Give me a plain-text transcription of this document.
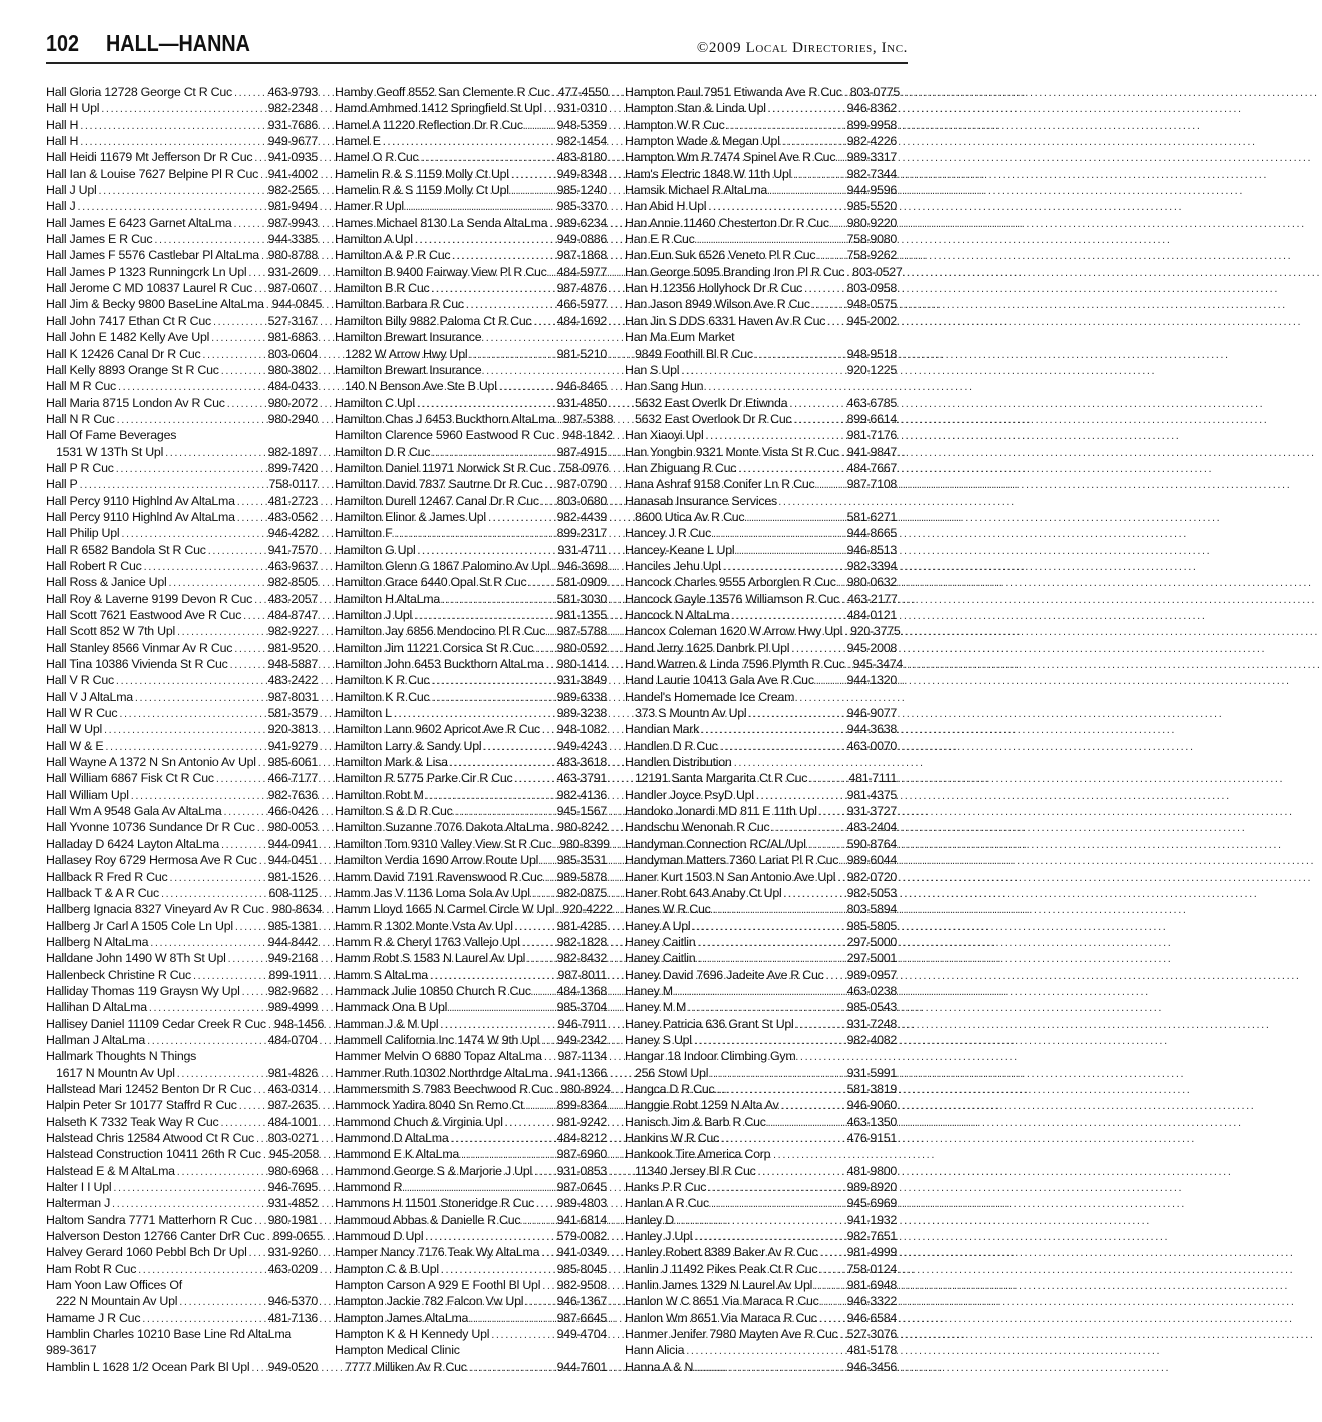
102 HALL—HANNA	©2009 Local Directories, Inc.
Hall Gloria 12728 George Ct R Cuc .....	463-9793
Hall H Upl .....	982-2348
Hall H .....	931-7686
Hall H .....	949-9677
Hall Heidi 11679 Mt Jefferson Dr R Cuc ..... 941-0935
Hall Ian & Louise 7627 Belpine Pl R Cuc ..... 941-4002
Hall J Upl .....	982-2565
Hall J .....	981-9494
Hall James E 6423 Garnet AltaLma .....	987-9943
Hall James E R Cuc .....	944-3385
Hall James F 5576 Castlebar Pl AltaLma ..... 980-8788
Hall James P 1323 Runningcrk Ln Upl ..... 931-2609
Hall Jerome C MD 10837 Laurel R Cuc ..... 987-0607
Hall Jim & Becky 9800 BaseLine AltaLma ..... 944-0845
Hall John 7417 Ethan Ct R Cuc .....	527-3167
Hall John E 1482 Kelly Ave Upl .....	981-6863
Hall K 12426 Canal Dr R Cuc .....	803-0604
Hall Kelly 8893 Orange St R Cuc .....	980-3802
Hall M R Cuc .....	484-0433
Hall Maria 8715 London Av R Cuc .....	980-2072
Hall N R Cuc .....	980-2940
Hall Of Fame Beverages
1531 W 13Th St Upl .....	982-1897
Hall P R Cuc .....	899-7420
Hall P .....	758-0117
Hall Percy 9110 Highlnd Av AltaLma .....	481-2723
Hall Percy 9110 Highlnd Av AltaLma .....	483-0562
Hall Philip Upl .....	946-4282
Hall R 6582 Bandola St R Cuc .....	941-7570
Hall Robert R Cuc .....	463-9637
Hall Ross & Janice Upl .....	982-8505
Hall Roy & Laverne 9199 Devon R Cuc ..... 483-2057
Hall Scott 7621 Eastwood Ave R Cuc ..... 484-8747
Hall Scott 852 W 7th Upl .....	982-9227
Hall Stanley 8566 Vinmar Av R Cuc .....	981-9520
Hall Tina 10386 Vivienda St R Cuc .....	948-5887
Hall V R Cuc .....	483-2422
Hall V J AltaLma .....	987-8031
Hall W R Cuc .....	581-3579
Hall W Upl .....	920-3813
Hall W & E .....	941-9279
Hall Wayne A 1372 N Sn Antonio Av Upl ..... 985-6061
Hall William 6867 Fisk Ct R Cuc .....	466-7177
Hall William Upl .....	982-7636
Hall Wm A 9548 Gala Av AltaLma .....	466-0426
Hall Yvonne 10736 Sundance Dr R Cuc ..... 980-0053
Halladay D 6424 Layton AltaLma .....	944-0941
Hallasey Roy 6729 Hermosa Ave R Cuc ..... 944-0451
Hallback R Fred R Cuc .....	981-1526
Hallback T & A R Cuc .....	608-1125
Hallberg Ignacia 8327 Vineyard Av R Cuc ..... 980-8634
Hallberg Jr Carl A 1505 Cole Ln Upl .....	985-1381
Hallberg N AltaLma .....	944-8442
Halldane John 1490 W 8Th St Upl .....	949-2168
Hallenbeck Christine R Cuc .....	899-1911
Halliday Thomas 119 Graysn Wy Upl ..... 982-9682
Hallihan D AltaLma .....	989-4999
Hallisey Daniel 11109 Cedar Creek R Cuc ..... 948-1456
Hallman J AltaLma .....	484-0704
Hallmark Thoughts N Things
1617 N Mountn Av Upl .....	981-4826
Hallstead Mari 12452 Benton Dr R Cuc ..... 463-0314
Halpin Peter Sr 10177 Staffrd R Cuc ..... 987-2635
Halseth K 7332 Teak Way R Cuc .....	484-1001
Halstead Chris 12584 Atwood Ct R Cuc ..... 803-0271
Halstead Construction 10411 26th R Cuc ..... 945-2058
Halstead E & M AltaLma .....	980-6968
Halter I I Upl .....	946-7695
Halterman J .....	931-4852
Haltom Sandra 7771 Matterhorn R Cuc ..... 980-1981
Halverson Deston 12766 Canter DrR Cuc ..... 899-0655
Halvey Gerard 1060 Pebbl Bch Dr Upl ..... 931-9260
Ham Robt R Cuc .....	463-0209
Ham Yoon Law Offices Of
222 N Mountain Av Upl .....	946-5370
Hamame J R Cuc .....	481-7136
Hamblin Charles 10210 Base Line Rd AltaLma
989-3617
Hamblin L 1628 1/2 Ocean Park Bl Upl ..... 949-0520
Hamby Geoff 8552 San Clemente R Cuc ..... 477-4550
Hamd Amhmed 1412 Springfield St Upl ..... 931-0310
Hamel A 11220 Reflection Dr R Cuc .....	948-5359
Hamel E .....	982-1454
Hamel O R Cuc .....	483-8180
Hamelin R & S 1159 Molly Ct Upl .....	949-8348
Hamelin R & S 1159 Molly Ct Upl .....	985-1240
Hamer R Upl .....	985-3370
Hames Michael 8130 La Senda AltaLma ..... 989-6234
Hamilton A Upl .....	949-0886
Hamilton A & P R Cuc .....	987-1868
Hamilton B 9400 Fairway View Pl R Cuc ..... 484-5977
Hamilton B R Cuc .....	987-4876
Hamilton Barbara R Cuc .....	466-5977
Hamilton Billy 9882 Paloma Ct R Cuc ..... 484-1692
Hamilton Brewart Insurance
1282 W Arrow Hwy Upl .....	981-5210
Hamilton Brewart Insurance
140 N Benson Ave Ste B Upl .....	946-8465
Hamilton C Upl .....	931-4850
Hamilton Chas J 6453 Buckthorn AltaLma ..... 987-5388
Hamilton Clarence 5960 Eastwood R Cuc ..... 948-1842
Hamilton D R Cuc .....	987-4915
Hamilton Daniel 11971 Norwick St R Cuc ..... 758-0976
Hamilton David 7837 Sautrne Dr R Cuc ..... 987-0790
Hamilton Durell 12467 Canal Dr R Cuc ..... 803-0680
Hamilton Elinor & James Upl .....	982-4439
Hamilton F .....	899-2317
Hamilton G Upl .....	931-4711
Hamilton Glenn G 1867 Palomino Av Upl ..... 946-3698
Hamilton Grace 6440 Opal St R Cuc ..... 581-0909
Hamilton H AltaLma .....	581-3030
Hamilton J Upl .....	981-1355
Hamilton Jay 6856 Mendocino Pl R Cuc ..... 987-5788
Hamilton Jim 11221 Corsica St R Cuc ..... 980-0592
Hamilton John 6453 Buckthorn AltaLma ..... 980-1414
Hamilton K R Cuc .....	931-3849
Hamilton K R Cuc .....	989-6338
Hamilton L .....	989-3238
Hamilton Lann 9602 Apricot Ave R Cuc ..... 948-1082
Hamilton Larry & Sandy Upl .....	949-4243
Hamilton Mark & Lisa .....	483-3618
Hamilton R 5775 Parke Cir R Cuc .....	463-3791
Hamilton Robt M .....	982-4136
Hamilton S & D R Cuc .....	945-1567
Hamilton Suzanne 7076 Dakota AltaLma ..... 980-8242
Hamilton Tom 9310 Valley View St R Cuc ..... 980-8399
Hamilton Verdia 1690 Arrow Route Upl ..... 985-3531
Hamm David 7191 Ravenswood R Cuc ..... 989-5878
Hamm Jas V 1136 Loma Sola Av Upl ..... 982-0875
Hamm Lloyd 1665 N Carmel Circle W Upl ..... 920-4222
Hamm R 1302 Monte Vsta Av Upl .....	981-4285
Hamm R & Cheryl 1763 Vallejo Upl .....	982-1828
Hamm Robt S 1583 N Laurel Av Upl .....	982-8432
Hamm S AltaLma .....	987-8011
Hammack Julie 10850 Church R Cuc ..... 484-1368
Hammack Ona B Upl .....	985-3704
Hamman J & M Upl .....	946-7911
Hammell California Inc 1474 W 9th Upl ..... 949-2342
Hammer Melvin O 6880 Topaz AltaLma ..... 987-1134
Hammer Ruth 10302 Northrdge AltaLma ..... 941-1366
Hammersmith S 7983 Beechwood R Cuc ..... 980-8924
Hammock Yadira 8040 Sn Remo Ct .....	899-8364
Hammond Chuch & Virginia Upl .....	981-9242
Hammond D AltaLma .....	484-8212
Hammond E K AltaLma .....	987-6960
Hammond George S & Marjorie J Upl ..... 931-0853
Hammond R .....	987-0645
Hammons H 11501 Stoneridge R Cuc ..... 989-4803
Hammoud Abbas & Danielle R Cuc .....	941-6814
Hammoud D Upl .....	579-0082
Hamper Nancy 7176 Teak Wy AltaLma ..... 941-0349
Hampton C & B Upl .....	985-8045
Hampton Carson A 929 E Foothl Bl Upl ..... 982-9508
Hampton Jackie 782 Falcon Vw Upl .....	946-1367
Hampton James AltaLma .....	987-6645
Hampton K & H Kennedy Upl .....	949-4704
Hampton Medical Clinic
7777 Milliken Av R Cuc .....	944-7601
Hampton Paul 7951 Etiwanda Ave R Cuc ..... 803-0775
Hampton Stan & Linda Upl .....	946-8362
Hampton W R Cuc .....	899-9958
Hampton Wade & Megan Upl .....	982-4226
Hampton Wm R 7474 Spinel Ave R Cuc ..... 989-3317
Ham's Electric 1848 W 11th Upl .....	982-7344
Hamsik Michael R AltaLma .....	944-9596
Han Abid H Upl .....	985-5520
Han Annie 11460 Chesterton Dr R Cuc ..... 980-9220
Han E R Cuc .....	758-9080
Han Eun Suk 6526 Veneto Pl R Cuc .....	758-9262
Han George 5095 Branding Iron Pl R Cuc ..... 803-0527
Han H 12356 Hollyhock Dr R Cuc .....	803-0958
Han Jason 8949 Wilson Ave R Cuc .....	948-0575
Han Jin S DDS 6331 Haven Av R Cuc ..... 945-2002
Han Ma Eum Market
9849 Foothill Bl R Cuc .....	948-9518
Han S Upl .....	920-1225
Han Sang Hun
5632 East Overlk Dr Etiwnda .....	463-6785
5632 East Overlook Dr R Cuc .....	899-6614
Han Xiaoyi Upl .....	981-7176
Han Yongbin 9321 Monte Vista St R Cuc ..... 941-9847
Han Zhiguang R Cuc .....	484-7667
Hana Ashraf 9158 Conifer Ln R Cuc .....	987-7108
Hanasab Insurance Services
8600 Utica Av R Cuc .....	581-6271
Hancey J R Cuc .....	944-8665
Hancey-Keane L Upl .....	946-8513
Hanciles Jehu Upl .....	982-3394
Hancock Charles 9555 Arborglen R Cuc ..... 980-0632
Hancock Gayle 13576 Williamson R Cuc ..... 463-2177
Hancock N AltaLma .....	484-0121
Hancox Coleman 1620 W Arrow Hwy Upl ..... 920-3775
Hand Jerry 1625 Danbrk Pl Upl .....	945-2008
Hand Warren & Linda 7596 Plymth R Cuc ..... 945-3474
Hand Laurie 10413 Gala Ave R Cuc .....	944-1320
Handel's Homemade Ice Cream
373 S Mountn Av Upl .....	946-9077
Handian Mark .....	944-3638
Handlen D R Cuc .....	463-0070
Handlen Distribution
12191 Santa Margarita Ct R Cuc .....	481-7111
Handler Joyce PsyD Upl .....	981-4375
Handoko Jonardi MD 811 E 11th Upl ..... 931-3727
Handschu Wenonah R Cuc .....	483-2404
Handyman Connection RC/AL/Upl .....	590-8764
Handyman Matters 7360 Lariat Pl R Cuc ..... 989-6044
Haner Kurt 1503 N San Antonio Ave Upl ..... 982-0720
Haner Robt 643 Anaby Ct Upl .....	982-5053
Hanes W R Cuc .....	803-5894
Haney A Upl .....	985-5805
Haney Caitlin .....	297-5000
Haney Caitlin .....	297-5001
Haney David 7696 Jadeite Ave R Cuc ..... 989-0957
Haney M .....	463-0238
Haney M M .....	985-0543
Haney Patricia 636 Grant St Upl .....	931-7248
Haney S Upl .....	982-4082
Hangar 18 Indoor Climbing Gym
256 Stowl Upl .....	931-5991
Hangca D R Cuc .....	581-3819
Hanggie Robt 1259 N Alta Av .....	946-9060
Hanisch Jim & Barb R Cuc .....	463-1350
Hankins W R Cuc .....	476-9151
Hankook Tire America Corp
11340 Jersey Bl R Cuc .....	481-9800
Hanks P R Cuc .....	989-8920
Hanlan A R Cuc .....	945-6969
Hanley D .....	941-1932
Hanley J Upl .....	982-7651
Hanley Robert 8389 Baker Av R Cuc ..... 981-4999
Hanlin J 11492 Pikes Peak Ct R Cuc ..... 758-0124
Hanlin James 1329 N Laurel Av Upl .....	981-6948
Hanlon W C 8651 Via Maraca R Cuc ..... 946-3322
Hanlon Wm 8651 Via Maraca R Cuc ..... 946-6584
Hanmer Jenifer 7980 Mayten Ave R Cuc ..... 527-3076
Hann Alicia .....	481-5178
Hanna A & N .....	946-3456
